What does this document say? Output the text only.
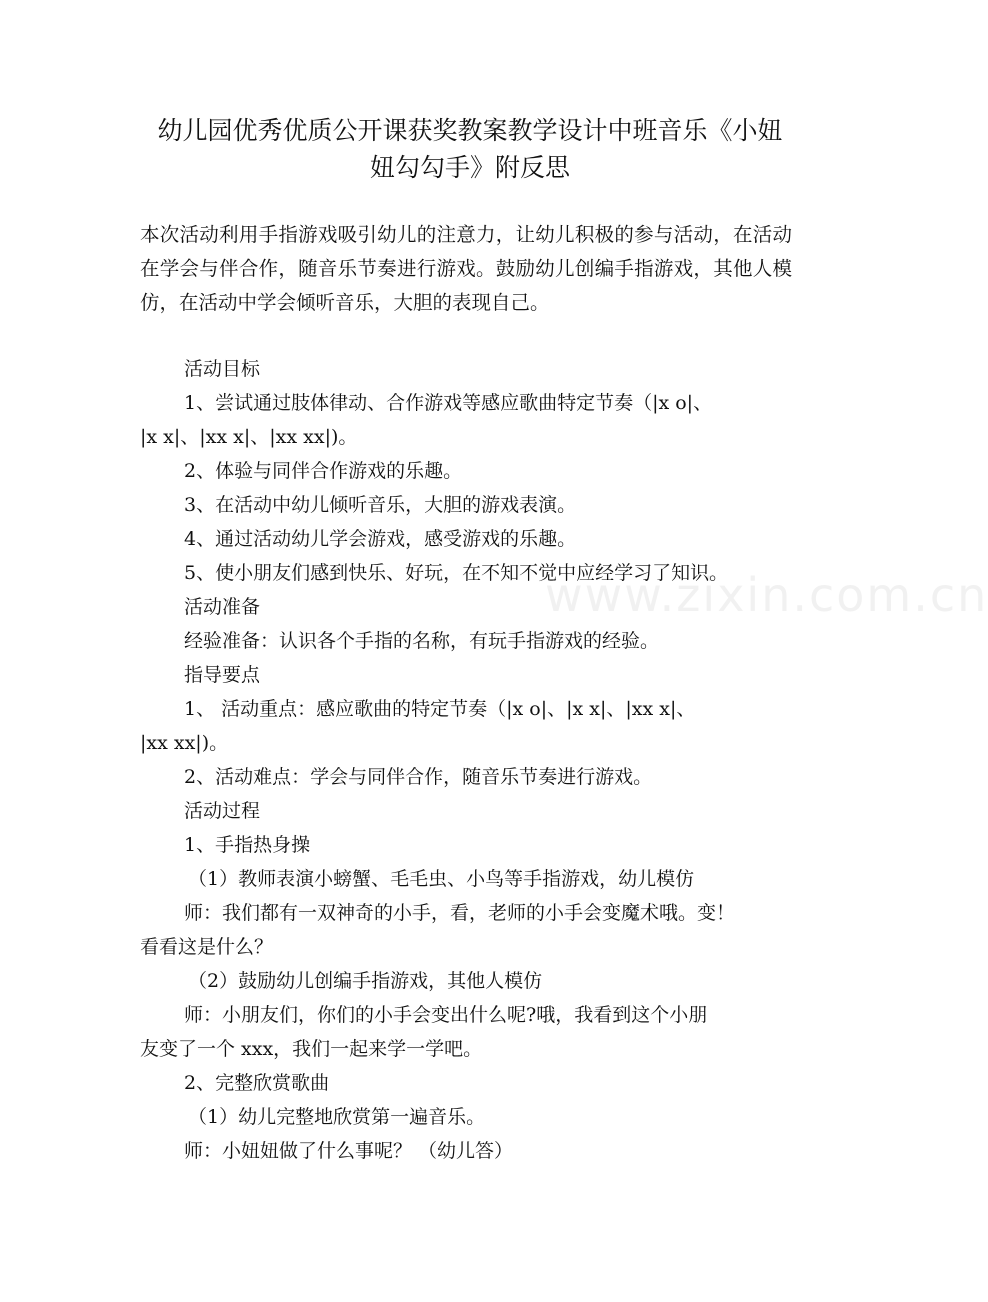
幼儿园优秀优质公开课获奖教案教学设计中班音乐《小妞妞勾勾手》附反思

本次活动利用手指游戏吸引幼儿的注意力，让幼儿积极的参与活动，在活动在学会与伴合作，随音乐节奏进行游戏。鼓励幼儿创编手指游戏，其他人模仿，在活动中学会倾听音乐，大胆的表现自己。

www.zixin.com.cn

活动目标

1、尝试通过肢体律动、合作游戏等感应歌曲特定节奏（|x o|、

|x x|、|xx x|、|xx xx|)。

2、体验与同伴合作游戏的乐趣。

3、在活动中幼儿倾听音乐，大胆的游戏表演。

4、通过活动幼儿学会游戏，感受游戏的乐趣。

5、使小朋友们感到快乐、好玩，在不知不觉中应经学习了知识。

活动准备

经验准备：认识各个手指的名称，有玩手指游戏的经验。

指导要点

1、 活动重点：感应歌曲的特定节奏（|x o|、|x x|、|xx x|、

|xx xx|)。

2、活动难点：学会与同伴合作，随音乐节奏进行游戏。

活动过程

1、手指热身操

（1）教师表演小螃蟹、毛毛虫、小鸟等手指游戏，幼儿模仿

师：我们都有一双神奇的小手，看，老师的小手会变魔术哦。变！

看看这是什么？

（2）鼓励幼儿创编手指游戏，其他人模仿

师：小朋友们，你们的小手会变出什么呢?哦，我看到这个小朋

友变了一个 xxx，我们一起来学一学吧。

2、完整欣赏歌曲

（1）幼儿完整地欣赏第一遍音乐。

师：小妞妞做了什么事呢？ （幼儿答）
